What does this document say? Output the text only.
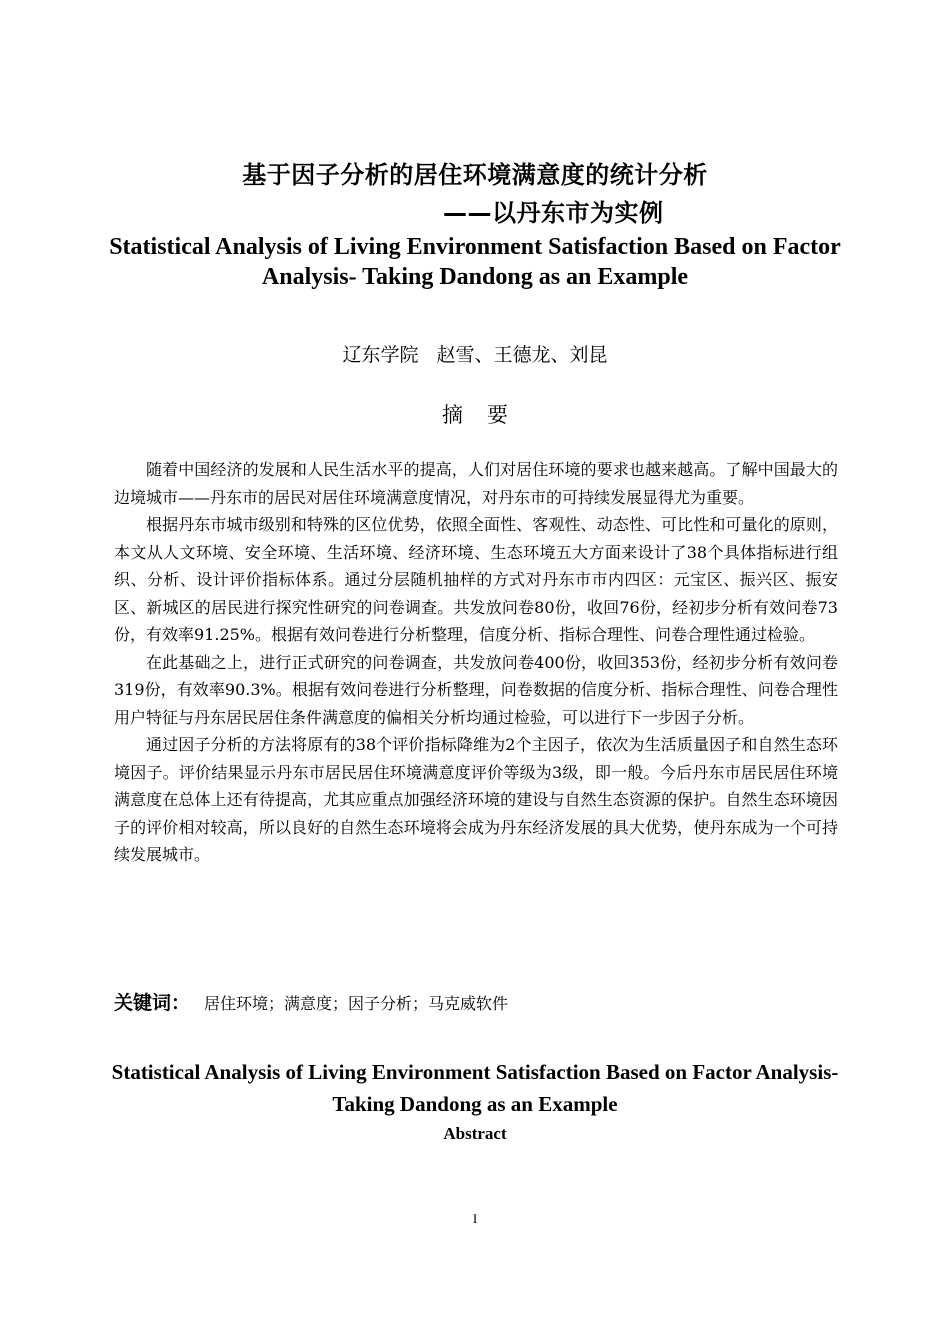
基于因子分析的居住环境满意度的统计分析
——以丹东市为实例
Statistical Analysis of Living Environment Satisfaction Based on Factor Analysis- Taking Dandong as an Example
辽东学院   赵雪、王德龙、刘昆
摘要

随着中国经济的发展和人民生活水平的提高，人们对居住环境的要求也越来越高。了解中国最大的边境城市——丹东市的居民对居住环境满意度情况，对丹东市的可持续发展显得尤为重要。

根据丹东市城市级别和特殊的区位优势，依照全面性、客观性、动态性、可比性和可量化的原则，本文从人文环境、安全环境、生活环境、经济环境、生态环境五大方面来设计了38个具体指标进行组织、分析、设计评价指标体系。通过分层随机抽样的方式对丹东市市内四区：元宝区、振兴区、振安区、新城区的居民进行探究性研究的问卷调查。共发放问卷80份，收回76份，经初步分析有效问卷73份，有效率91.25%。根据有效问卷进行分析整理，信度分析、指标合理性、问卷合理性通过检验。

在此基础之上，进行正式研究的问卷调查，共发放问卷400份，收回353份，经初步分析有效问卷319份，有效率90.3%。根据有效问卷进行分析整理，问卷数据的信度分析、指标合理性、问卷合理性用户特征与丹东居民居住条件满意度的偏相关分析均通过检验，可以进行下一步因子分析。

通过因子分析的方法将原有的38个评价指标降维为2个主因子，依次为生活质量因子和自然生态环境因子。评价结果显示丹东市居民居住环境满意度评价等级为3级，即一般。今后丹东市居民居住环境满意度在总体上还有待提高，尤其应重点加强经济环境的建设与自然生态资源的保护。自然生态环境因子的评价相对较高，所以良好的自然生态环境将会成为丹东经济发展的具大优势，使丹东成为一个可持续发展城市。

关键词： 居住环境；满意度；因子分析；马克威软件
Statistical Analysis of Living Environment Satisfaction Based on Factor Analysis- Taking Dandong as an Example
Abstract
I
